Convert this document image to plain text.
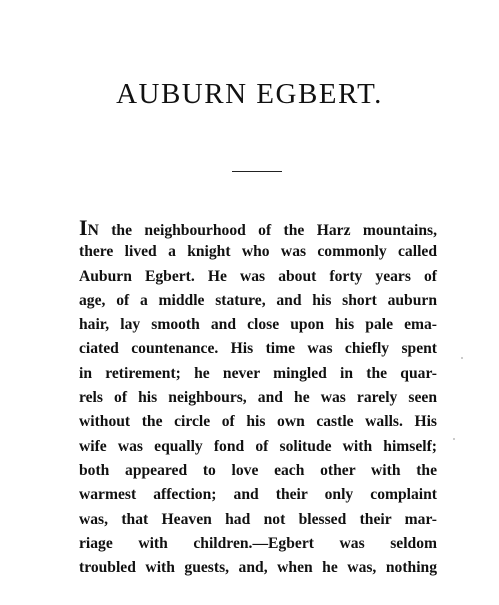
AUBURN EGBERT.
IN the neighbourhood of the Harz mountains,
there lived a knight who was commonly called
Auburn Egbert. He was about forty years of
age, of a middle stature, and his short auburn
hair, lay smooth and close upon his pale ema-
ciated countenance. His time was chiefly spent
in retirement; he never mingled in the quar-
rels of his neighbours, and he was rarely seen
without the circle of his own castle walls. His
wife was equally fond of solitude with himself;
both appeared to love each other with the
warmest affection; and their only complaint
was, that Heaven had not blessed their mar-
riage with children.—Egbert was seldom
troubled with guests, and, when he was, nothing
